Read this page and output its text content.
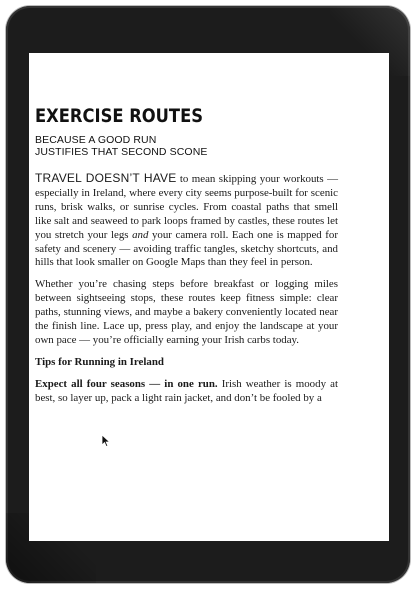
EXERCISE ROUTES
BECAUSE A GOOD RUN
JUSTIFIES THAT SECOND SCONE

TRAVEL DOESN’T HAVE to mean skipping your workouts — especially in Ireland, where every city seems purpose-built for scenic runs, brisk walks, or sunrise cycles. From coastal paths that smell like salt and seaweed to park loops framed by castles, these routes let you stretch your legs and your camera roll. Each one is mapped for safety and scenery — avoiding traffic tangles, sketchy shortcuts, and hills that look smaller on Google Maps than they feel in person.

Whether you’re chasing steps before breakfast or logging miles between sightseeing stops, these routes keep fitness simple: clear paths, stunning views, and maybe a bakery conveniently located near the finish line. Lace up, press play, and enjoy the landscape at your own pace — you’re officially earning your Irish carbs today.

Tips for Running in Ireland

Expect all four seasons — in one run. Irish weather is moody at best, so layer up, pack a light rain jacket, and don’t be fooled by a
